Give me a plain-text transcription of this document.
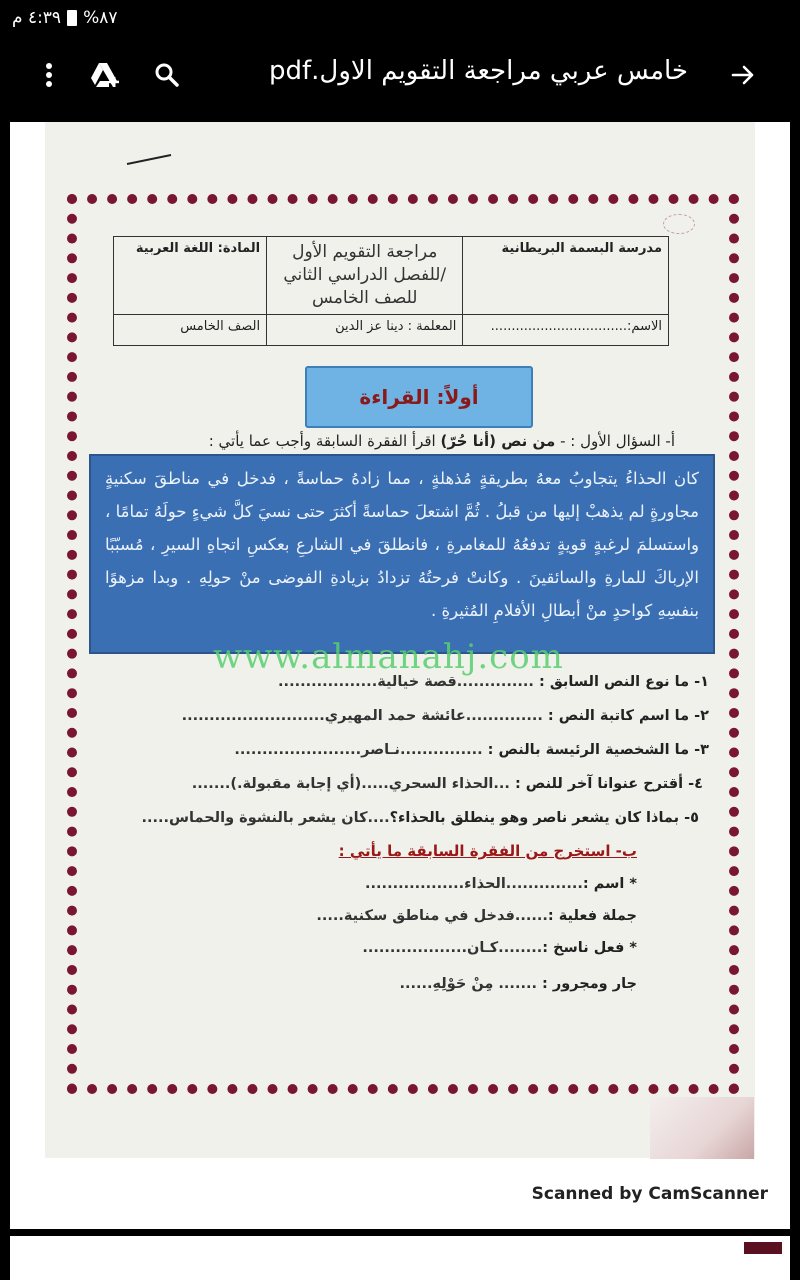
٤:٣٩ م %٨٧
خامس عربي مراجعة التقويم الاول.pdf
مدرسة البسمة البريطانية	مراجعة التقويم الأول
/للفصل الدراسي الثاني
للصف الخامس	المادة: اللغة العربية
الاسم:.................................	المعلمة : دينا عز الدين	الصف الخامس
أولاً: القراءة
أ- السؤال الأول : - من نص (أنا حُرّ) اقرأ الفقرة السابقة وأجب عما يأتي :
كان الحذاءُ يتجاوبُ معهُ بطريقةٍ مُذهلةٍ ، مما زادهُ حماسةً ، فدخل في مناطقَ سكنيةٍ مجاورةٍ لم يذهبْ إليها من قبلُ . ثُمَّ اشتعلَ حماسةً أكثرَ حتى نسيَ كلَّ شيءٍ حولَهُ تمامًا ، واستسلمَ لرغبةٍ قويةٍ تدفعُهُ للمغامرةِ ، فانطلقَ في الشارعِ بعكسِ اتجاهِ السيرِ ، مُسبّبًا الإرباكَ للمارةِ والسائقينَ . وكانتْ فرحتُهُ تزدادُ بزيادةِ الفوضى منْ حولِهِ . وبدا مزهوًا بنفسِهِ كواحدٍ منْ أبطالِ الأفلامِ المُثيرةِ .
www.almanahj.com
١- ما نوع النص السابق : ..............قصة خيالية..................
٢- ما اسم كاتبة النص : ..............عائشة حمد المهيري..........................
٣- ما الشخصية الرئيسة بالنص : ...............نـاصر.......................
٤- أقترح عنوانا آخر للنص : ...الحذاء السحري.....(أي إجابة مقبولة.).......
٥- بماذا كان يشعر ناصر وهو ينطلق بالحذاء؟....كان يشعر بالنشوة والحماس.....
ب- استخرج من الفقرة السابقة ما يأتي :
* اسم :..............الحذاء..................
جملة فعلية :......فدخل في مناطق سكنية.....
* فعل ناسخ :........كـان...................
جار ومجرور : ....... مِنْ حَوْلِهِ......
Scanned by CamScanner
